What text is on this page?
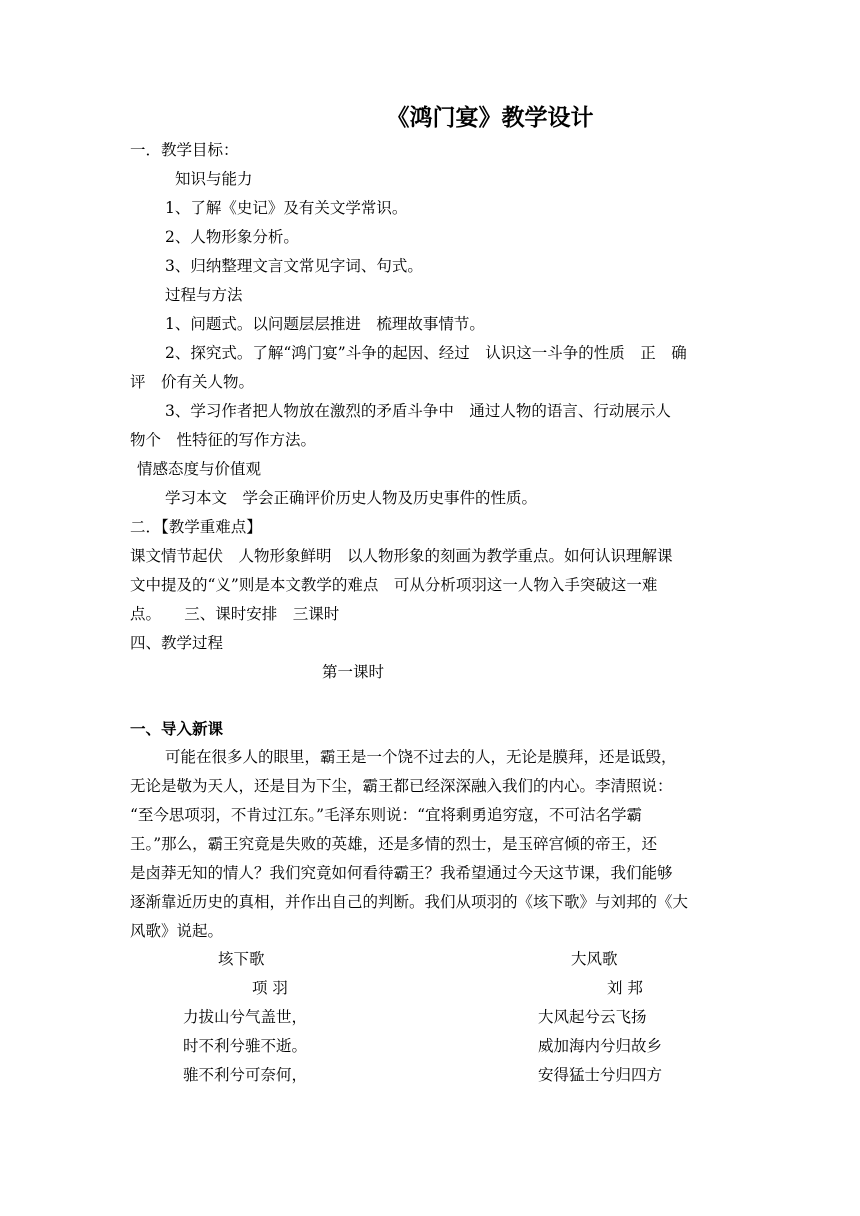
《鸿门宴》教学设计
一．教学目标：
知识与能力
1、了解《史记》及有关文学常识。
2、人物形象分析。
3、归纳整理文言文常见字词、句式。
过程与方法
1、问题式。以问题层层推进　梳理故事情节。
2、探究式。了解“鸿门宴”斗争的起因、经过　认识这一斗争的性质　正　确
评　价有关人物。
3、学习作者把人物放在激烈的矛盾斗争中　通过人物的语言、行动展示人
物个　性特征的写作方法。
情感态度与价值观
学习本文　学会正确评价历史人物及历史事件的性质。
二．【教学重难点】
课文情节起伏　人物形象鲜明　以人物形象的刻画为教学重点。如何认识理解课
文中提及的“义”则是本文教学的难点　可从分析项羽这一人物入手突破这一难
点。　　三、课时安排　三课时
四、教学过程
第一课时
一、导入新课
可能在很多人的眼里，霸王是一个饶不过去的人，无论是膜拜，还是诋毁，
无论是敬为天人，还是目为下尘，霸王都已经深深融入我们的内心。李清照说：
“至今思项羽，不肯过江东。”毛泽东则说：“宜将剩勇追穷寇，不可沽名学霸
王。”那么，霸王究竟是失败的英雄，还是多情的烈士，是玉碎宫倾的帝王，还
是卤莽无知的情人？我们究竟如何看待霸王？我希望通过今天这节课，我们能够
逐渐靠近历史的真相，并作出自己的判断。我们从项羽的《垓下歌》与刘邦的《大
风歌》说起。
垓下歌	大风歌
项 羽	刘 邦
力拔山兮气盖世，	大风起兮云飞扬
时不利兮骓不逝。	威加海内兮归故乡
骓不利兮可奈何，	安得猛士兮归四方
